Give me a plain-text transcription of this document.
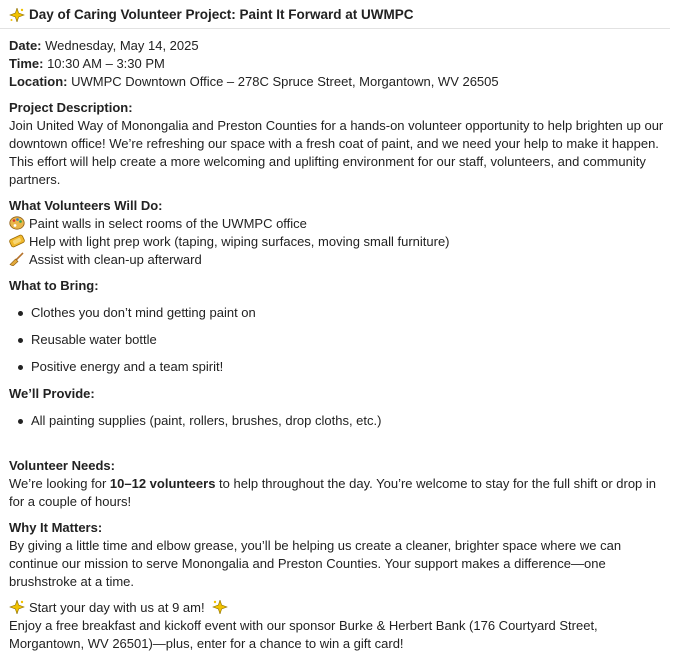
Day of Caring Volunteer Project: Paint It Forward at UWMPC
Date: Wednesday, May 14, 2025
Time: 10:30 AM – 3:30 PM
Location: UWMPC Downtown Office – 278C Spruce Street, Morgantown, WV 26505
Project Description:

Join United Way of Monongalia and Preston Counties for a hands-on volunteer opportunity to help brighten up our downtown office! We’re refreshing our space with a fresh coat of paint, and we need your help to make it happen. This effort will help create a more welcoming and uplifting environment for our staff, volunteers, and community partners.

What Volunteers Will Do:
Paint walls in select rooms of the UWMPC office
Help with light prep work (taping, wiping surfaces, moving small furniture)
Assist with clean-up afterward
What to Bring:
Clothes you don’t mind getting paint on
Reusable water bottle
Positive energy and a team spirit!
We’ll Provide:
All painting supplies (paint, rollers, brushes, drop cloths, etc.)
Volunteer Needs:

We’re looking for 10–12 volunteers to help throughout the day. You’re welcome to stay for the full shift or drop in for a couple of hours!

Why It Matters:

By giving a little time and elbow grease, you’ll be helping us create a cleaner, brighter space where we can continue our mission to serve Monongalia and Preston Counties. Your support makes a difference—one brushstroke at a time.

Start your day with us at 9 am!

Enjoy a free breakfast and kickoff event with our sponsor Burke & Herbert Bank (176 Courtyard Street, Morgantown, WV 26501)—plus, enter for a chance to win a gift card!
